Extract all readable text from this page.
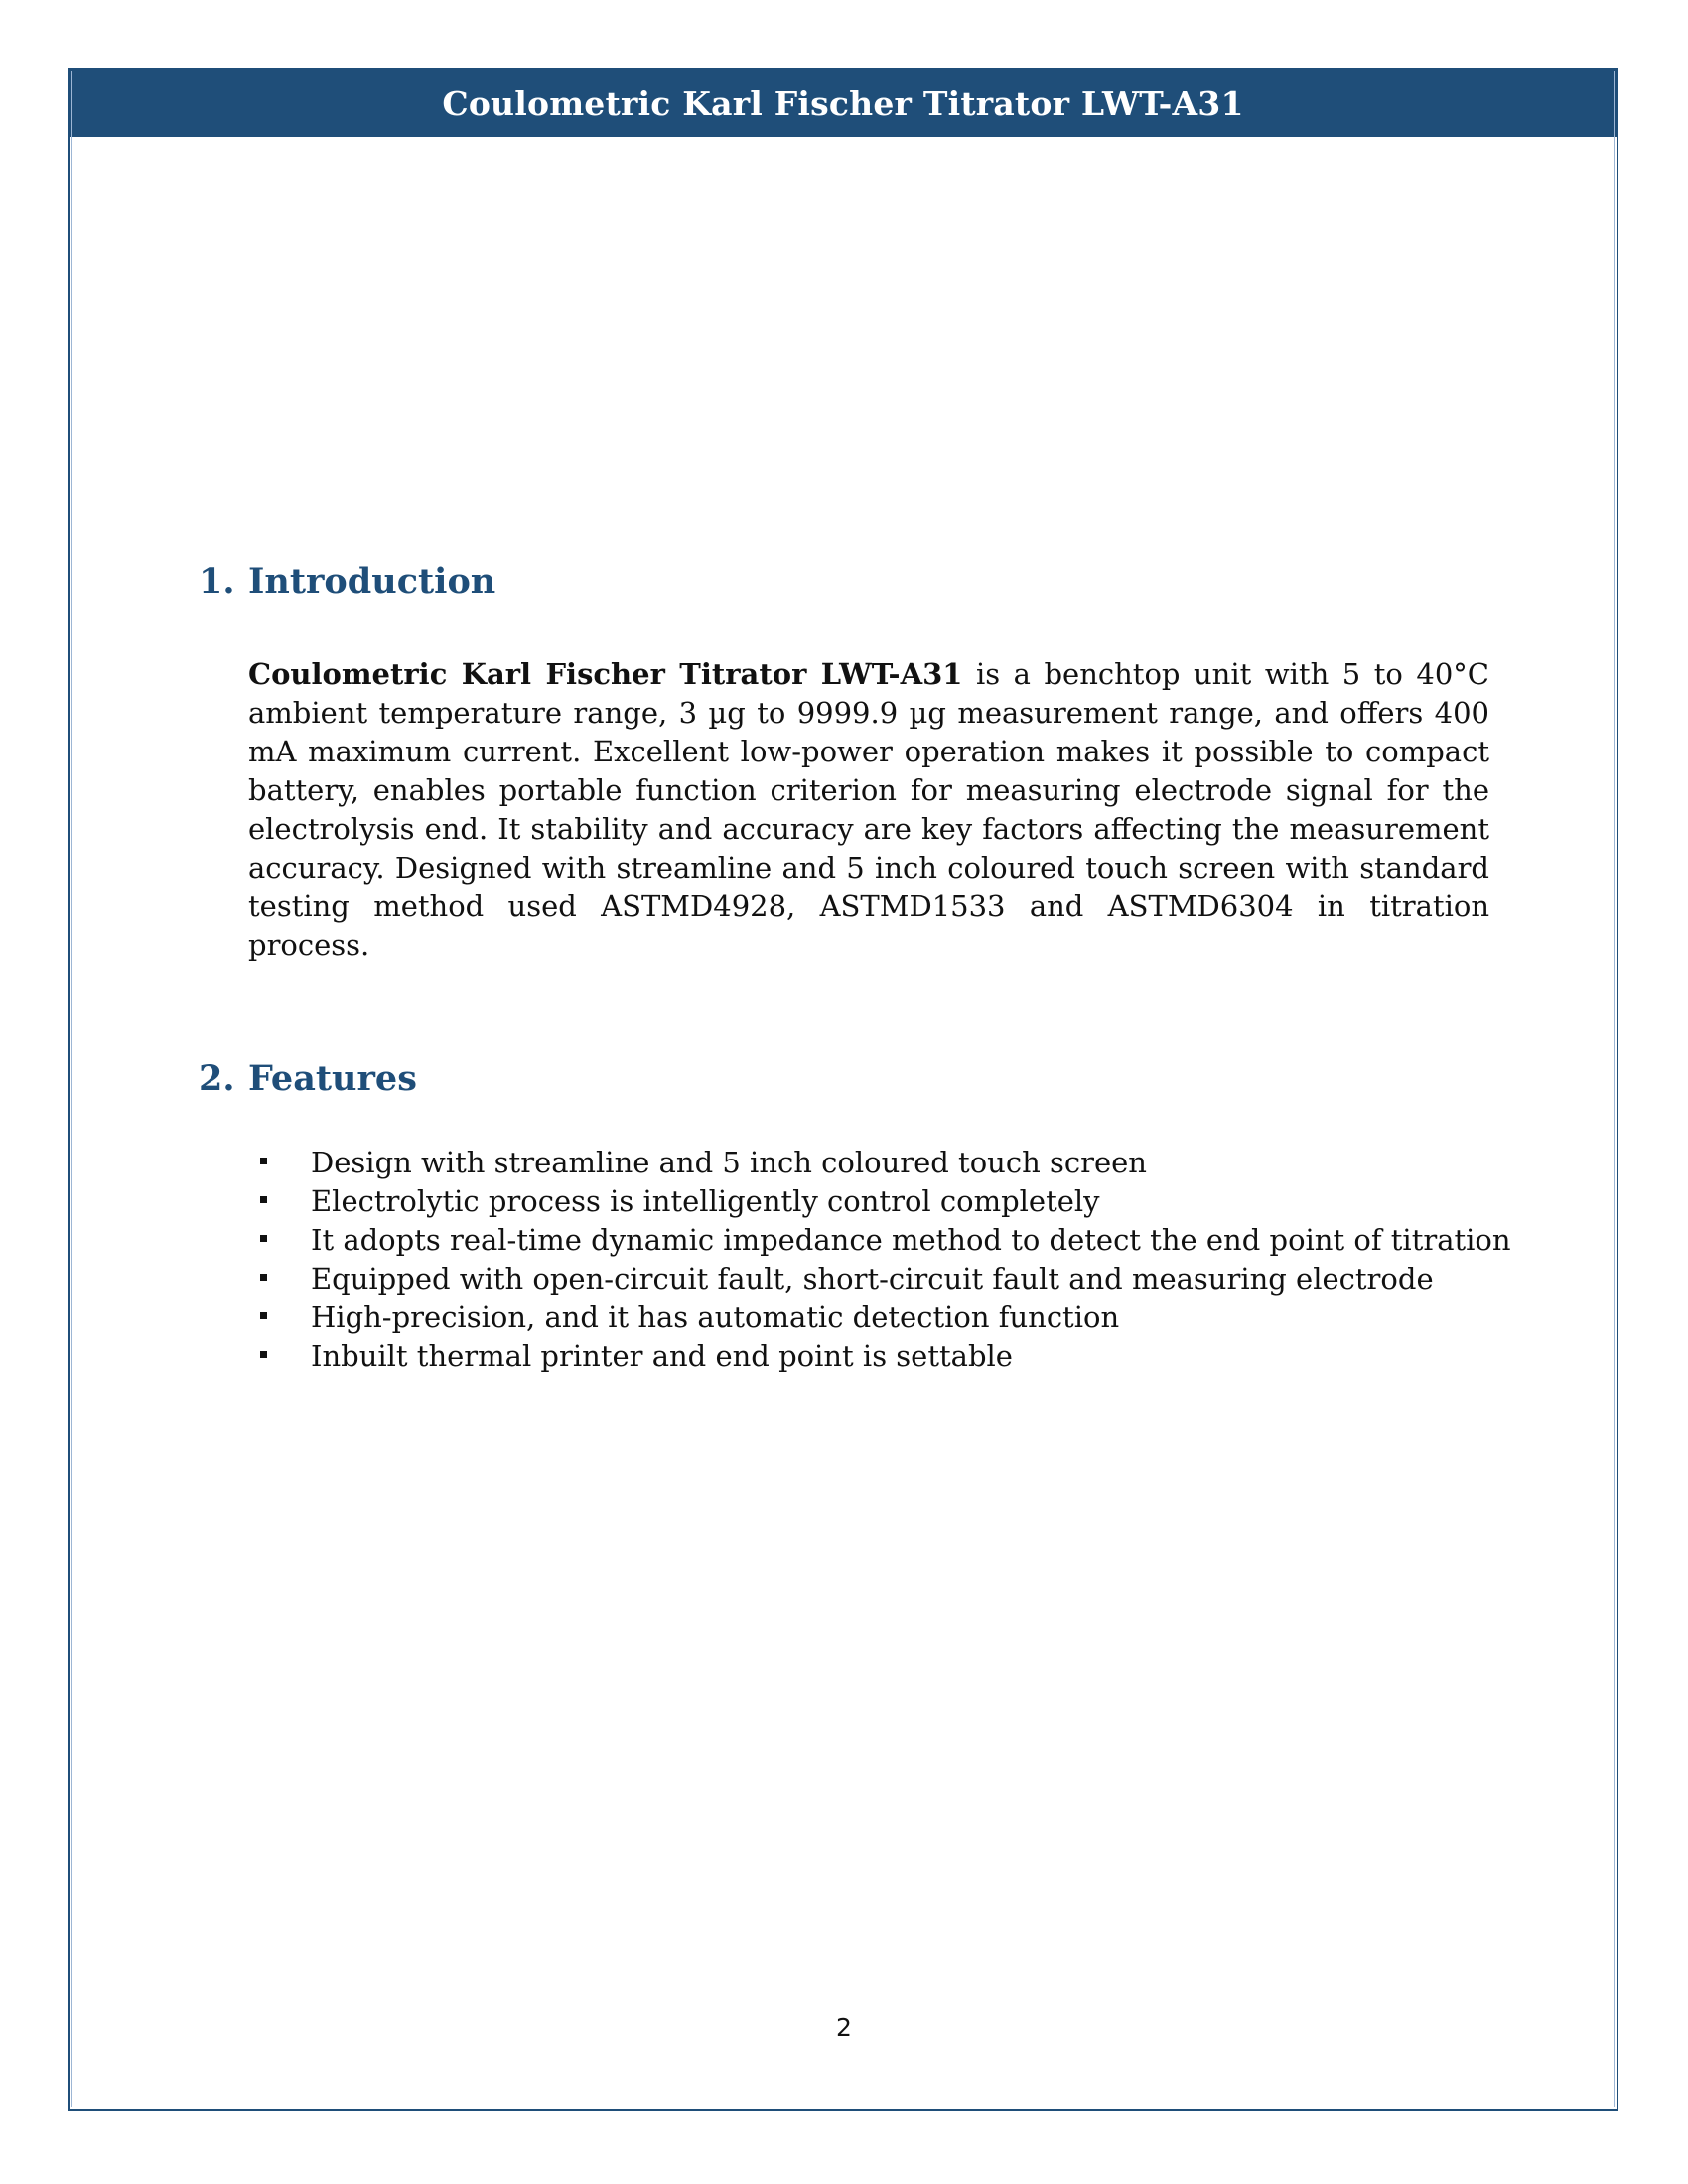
Coulometric Karl Fischer Titrator LWT-A31
1. Introduction

Coulometric Karl Fischer Titrator LWT-A31 is a benchtop unit with 5 to 40°C ambient temperature range, 3 µg to 9999.9 µg measurement range, and offers 400 mA maximum current. Excellent low-power operation makes it possible to compact battery, enables portable function criterion for measuring electrode signal for the electrolysis end. It stability and accuracy are key factors affecting the measurement accuracy. Designed with streamline and 5 inch coloured touch screen with standard testing method used ASTMD4928, ASTMD1533 and ASTMD6304 in titration process.

2. Features
Design with streamline and 5 inch coloured touch screen
Electrolytic process is intelligently control completely
It adopts real-time dynamic impedance method to detect the end point of titration
Equipped with open-circuit fault, short-circuit fault and measuring electrode
High-precision, and it has automatic detection function
Inbuilt thermal printer and end point is settable
2
